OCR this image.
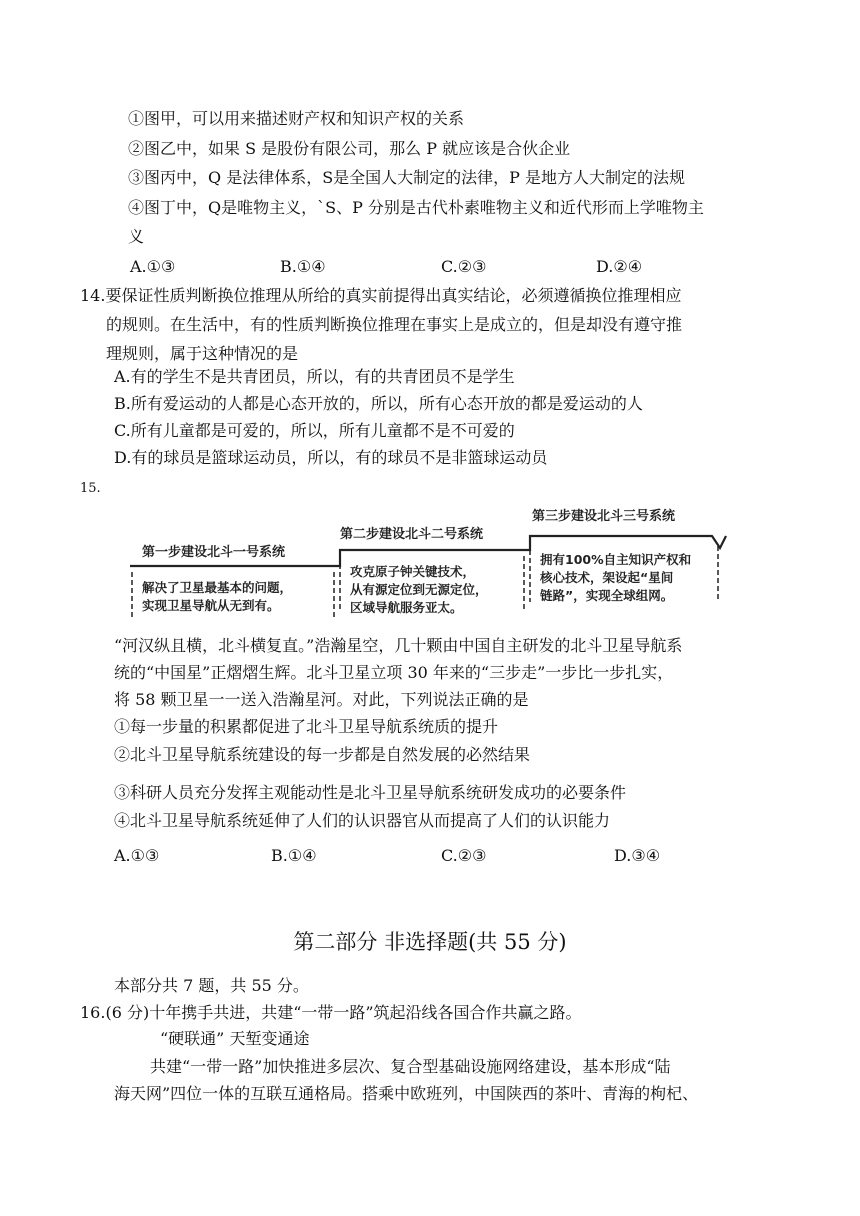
①图甲，可以用来描述财产权和知识产权的关系
②图乙中，如果 S 是股份有限公司，那么 P 就应该是合伙企业
③图丙中，Q 是法律体系，S是全国人大制定的法律，P 是地方人大制定的法规
④图丁中，Q是唯物主义，`S、P 分别是古代朴素唯物主义和近代形而上学唯物主
义
A.①③	B.①④	C.②③	D.②④
14.要保证性质判断换位推理从所给的真实前提得出真实结论，必须遵循换位推理相应
的规则。在生活中，有的性质判断换位推理在事实上是成立的，但是却没有遵守推
理规则，属于这种情况的是
A.有的学生不是共青团员，所以，有的共青团员不是学生
B.所有爱运动的人都是心态开放的，所以，所有心态开放的都是爱运动的人
C.所有儿童都是可爱的，所以，所有儿童都不是不可爱的
D.有的球员是篮球运动员，所以，有的球员不是非篮球运动员
15.
第一步建设北斗一号系统
第二步建设北斗二号系统
第三步建设北斗三号系统
解决了卫星最基本的问题，
实现卫星导航从无到有。
攻克原子钟关键技术，
从有源定位到无源定位，
区域导航服务亚太。
拥有100%自主知识产权和
核心技术，架设起“星间
链路”，实现全球组网。
“河汉纵且横，北斗横复直。”浩瀚星空，几十颗由中国自主研发的北斗卫星导航系
统的“中国星”正熠熠生辉。北斗卫星立项 30 年来的“三步走”一步比一步扎实，
将 58 颗卫星一一送入浩瀚星河。对此，下列说法正确的是
①每一步量的积累都促进了北斗卫星导航系统质的提升
②北斗卫星导航系统建设的每一步都是自然发展的必然结果
③科研人员充分发挥主观能动性是北斗卫星导航系统研发成功的必要条件
④北斗卫星导航系统延伸了人们的认识器官从而提高了人们的认识能力
A.①③	B.①④	C.②③	D.③④
第二部分 非选择题(共 55 分)
本部分共 7 题，共 55 分。
16.(6 分)十年携手共进，共建“一带一路”筑起沿线各国合作共赢之路。
“硬联通” 天堑变通途
共建“一带一路”加快推进多层次、复合型基础设施网络建设，基本形成“陆
海天网”四位一体的互联互通格局。搭乘中欧班列，中国陕西的茶叶、青海的枸杞、
